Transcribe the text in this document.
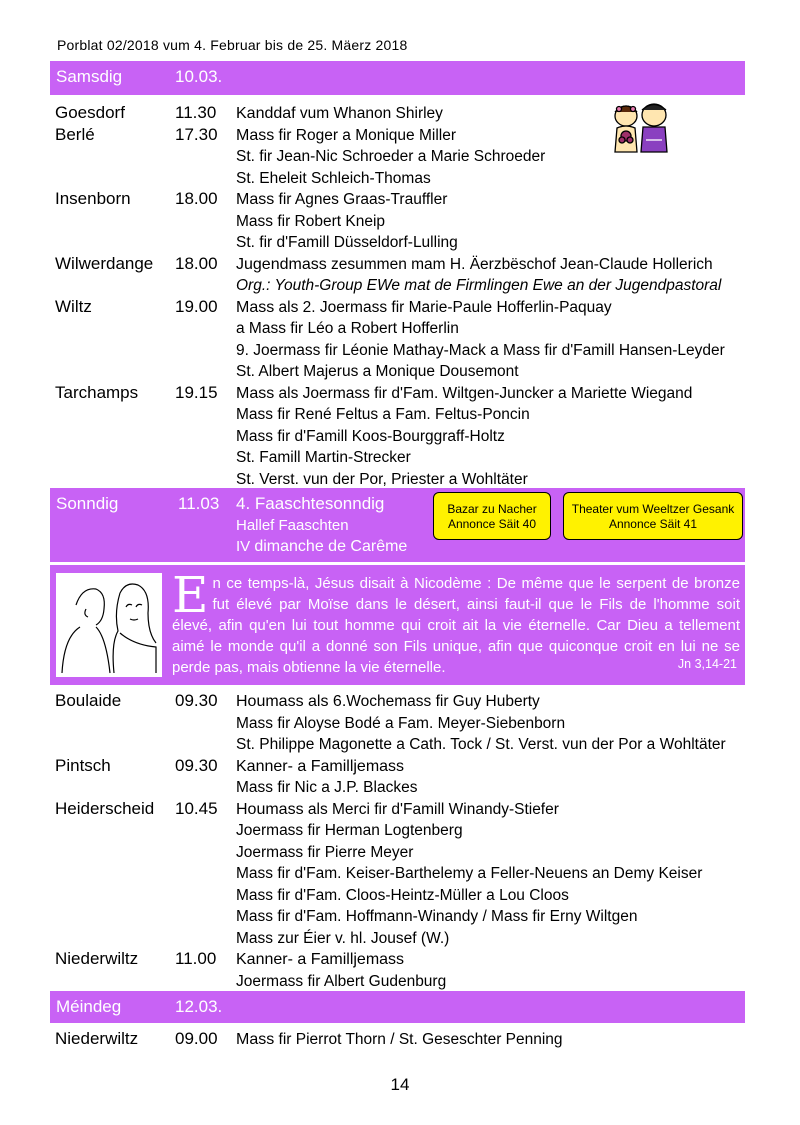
Porblat 02/2018 vum 4. Februar bis de 25. Mäerz 2018
Samsdig	10.03.
Goesdorf	11.30 Kanddaf vum Whanon Shirley
Berlé	17.30 Mass fir Roger a Monique Miller
St. fir Jean-Nic Schroeder a Marie Schroeder
St. Eheleit Schleich-Thomas
Insenborn	18.00 Mass fir Agnes Graas-Trauffler
Mass fir Robert Kneip
St. fir d'Famill Düsseldorf-Lulling
Wilwerdange 18.00 Jugendmass zesummen mam H. Äerzbëschof Jean-Claude Hollerich
Org.: Youth-Group EWe mat de Firmlingen Ewe an der Jugendpastoral
Wiltz	19.00 Mass als 2. Joermass fir Marie-Paule Hofferlin-Paquay
a Mass fir Léo a Robert Hofferlin
9. Joermass fir Léonie Mathay-Mack a Mass fir d'Famill Hansen-Leyder
St. Albert Majerus a Monique Dousemont
Tarchamps 19.15 Mass als Joermass fir d'Fam. Wiltgen-Juncker a Mariette Wiegand
Mass fir René Feltus a Fam. Feltus-Poncin
Mass fir d'Famill Koos-Bourggraff-Holtz
St. Famill Martin-Strecker
St. Verst. vun der Por, Priester a Wohltäter
Sonndig	11.03 4. Faaschtesonndig
Hallef Faaschten
IV dimanche de Carême
Bazar zu Nacher
Annonce Säit 40
Theater vum Weeltzer Gesank
Annonce Säit 41
En ce temps-là, Jésus disait à Nicodème : De même que le serpent de bronze fut élevé par Moïse dans le désert, ainsi faut-il que le Fils de l'homme soit élevé, afin qu'en lui tout homme qui croit ait la vie éternelle. Car Dieu a tellement aimé le monde qu'il a donné son Fils unique, afin que quiconque croit en lui ne se perde pas, mais obtienne la vie éternelle.	Jn 3,14-21
Boulaide	09.30 Houmass als 6.Wochemass fir Guy Huberty
Mass fir Aloyse Bodé a Fam. Meyer-Siebenborn
St. Philippe Magonette a Cath. Tock / St. Verst. vun der Por a Wohltäter
Pintsch	09.30 Kanner- a Familljemass
Mass fir Nic a J.P. Blackes
Heiderscheid 10.45 Houmass als Merci fir d'Famill Winandy-Stiefer
Joermass fir Herman Logtenberg
Joermass fir Pierre Meyer
Mass fir d'Fam. Keiser-Barthelemy a Feller-Neuens an Demy Keiser
Mass fir d'Fam. Cloos-Heintz-Müller a Lou Cloos
Mass fir d'Fam. Hoffmann-Winandy / Mass fir Erny Wiltgen
Mass zur Éier v. hl. Jousef (W.)
Niederwiltz 11.00 Kanner- a Familljemass
Joermass fir Albert Gudenburg
Méindeg	12.03.
Niederwiltz 09.00 Mass fir Pierrot Thorn / St. Geseschter Penning
14
